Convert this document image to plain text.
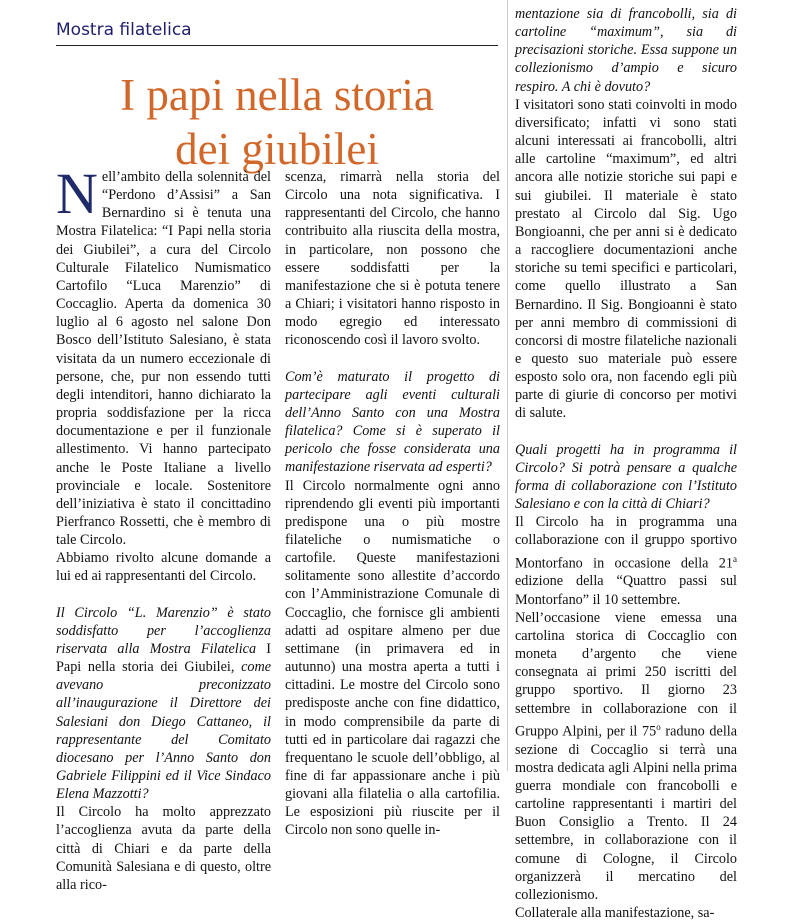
Mostra filatelica
I papi nella storia
dei giubilei

Nell’ambito della solennità del “Perdono d’Assisi” a San Bernardino si è tenuta una Mostra Filatelica: “I Papi nella storia dei Giubilei”, a cura del Circolo Culturale Filatelico Numismatico Cartofilo “Luca Marenzio” di Coccaglio. Aperta da domenica 30 luglio al 6 agosto nel salone Don Bosco dell’Istituto Salesiano, è stata visitata da un numero eccezionale di persone, che, pur non essendo tutti degli intenditori, hanno dichiarato la propria soddisfazione per la ricca documentazione e per il funzionale allestimento. Vi hanno partecipato anche le Poste Italiane a livello provinciale e locale. Sostenitore dell’iniziativa è stato il concittadino Pierfranco Rossetti, che è membro di tale Circolo.

Abbiamo rivolto alcune domande a lui ed ai rappresentanti del Circolo.

Il Circolo “L. Marenzio” è stato soddisfatto per l’accoglienza riservata alla Mostra Filatelica I Papi nella storia dei Giubilei, come avevano preconizzato all’inaugurazione il Direttore dei Salesiani don Diego Cattaneo, il rappresentante del Comitato diocesano per l’Anno Santo don Gabriele Filippini ed il Vice Sindaco Elena Mazzotti?

Il Circolo ha molto apprezzato l’accoglienza avuta da parte della città di Chiari e da parte della Comunità Salesiana e di questo, oltre alla rico-

scenza, rimarrà nella storia del Circolo una nota significativa. I rappresentanti del Circolo, che hanno contribuito alla riuscita della mostra, in particolare, non possono che essere soddisfatti per la manifestazione che si è potuta tenere a Chiari; i visitatori hanno risposto in modo egregio ed interessato riconoscendo così il lavoro svolto.

Com’è maturato il progetto di partecipare agli eventi culturali dell’Anno Santo con una Mostra filatelica? Come si è superato il pericolo che fosse considerata una manifestazione riservata ad esperti?

Il Circolo normalmente ogni anno riprendendo gli eventi più importanti predispone una o più mostre filateliche o numismatiche o cartofile. Queste manifestazioni solitamente sono allestite d’accordo con l’Amministrazione Comunale di Coccaglio, che fornisce gli ambienti adatti ad ospitare almeno per due settimane (in primavera ed in autunno) una mostra aperta a tutti i cittadini. Le mostre del Circolo sono predisposte anche con fine didattico, in modo comprensibile da parte di tutti ed in particolare dai ragazzi che frequentano le scuole dell’obbligo, al fine di far appassionare anche i più giovani alla filatelia o alla cartofilia. Le esposizioni più riuscite per il Circolo non sono quelle in-

mentazione sia di francobolli, sia di cartoline “maximum”, sia di precisazioni storiche. Essa suppone un collezionismo d’ampio e sicuro respiro. A chi è dovuto?

I visitatori sono stati coinvolti in modo diversificato; infatti vi sono stati alcuni interessati ai francobolli, altri alle cartoline “maximum”, ed altri ancora alle notizie storiche sui papi e sui giubilei. Il materiale è stato prestato al Circolo dal Sig. Ugo Bongioanni, che per anni si è dedicato a raccogliere documentazioni anche storiche su temi specifici e particolari, come quello illustrato a San Bernardino. Il Sig. Bongioanni è stato per anni membro di commissioni di concorsi di mostre filateliche nazionali e questo suo materiale può essere esposto solo ora, non facendo egli più parte di giurie di concorso per motivi di salute.

Quali progetti ha in programma il Circolo? Si potrà pensare a qualche forma di collaborazione con l’Istituto Salesiano e con la città di Chiari?

Il Circolo ha in programma una collaborazione con il gruppo sportivo Montorfano in occasione della 21$^a$ edizione della “Quattro passi sul Montorfano” il 10 settembre.

Nell’occasione viene emessa una cartolina storica di Coccaglio con moneta d’argento che viene consegnata ai primi 250 iscritti del gruppo sportivo. Il giorno 23 settembre in collaborazione con il Gruppo Alpini, per il 75$^o$ raduno della sezione di Coccaglio si terrà una mostra dedicata agli Alpini nella prima guerra mondiale con francobolli e cartoline rappresentanti i martiri del Buon Consiglio a Trento. Il 24 settembre, in collaborazione con il comune di Cologne, il Circolo organizzerà il mercatino del collezionismo.

Collaterale alla manifestazione, sa-
